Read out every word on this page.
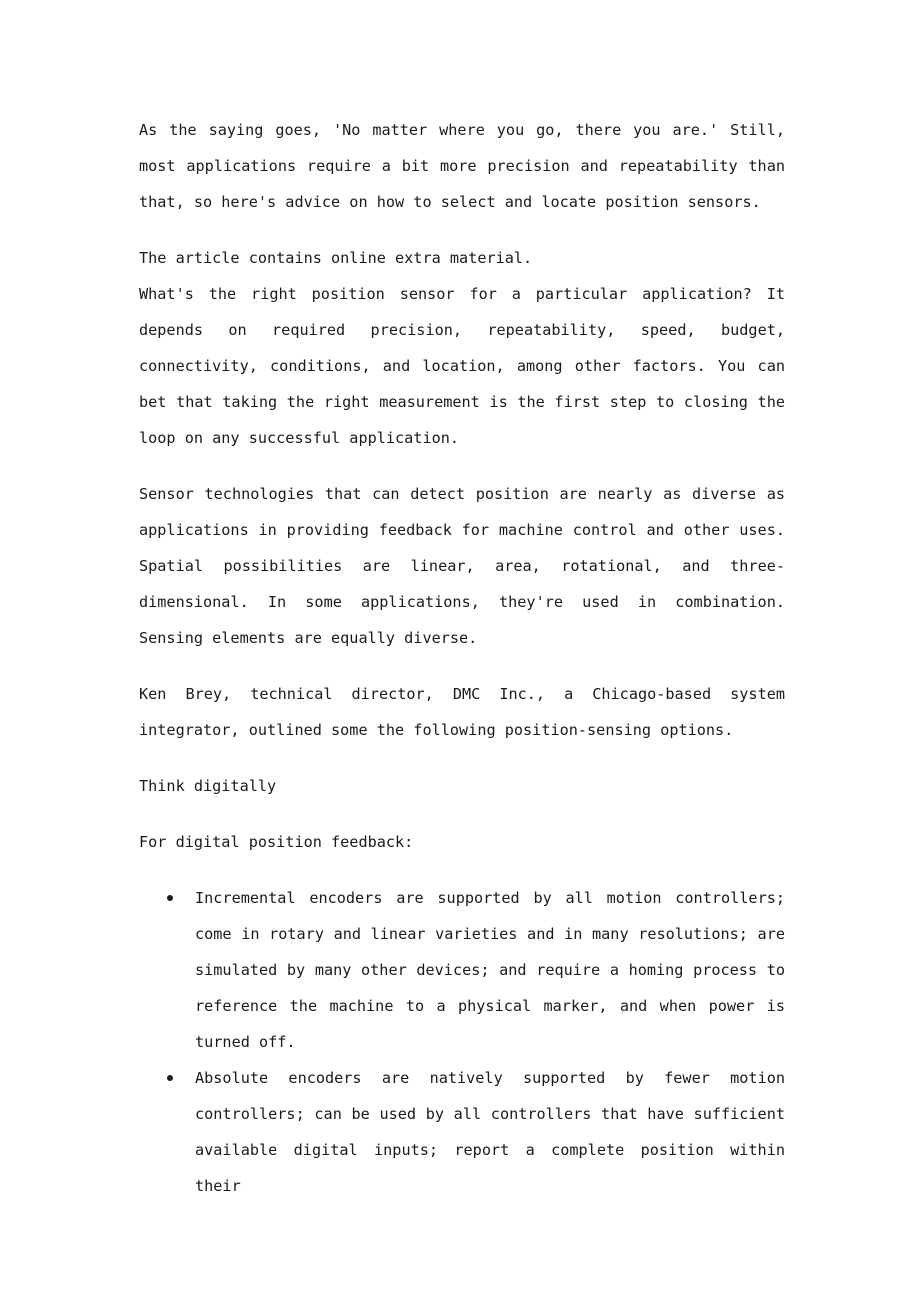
As the saying goes, 'No matter where you go, there you are.' Still, most applications require a bit more precision and repeatability than that, so here's advice on how to select and locate position sensors.

The article contains online extra material.

What's the right position sensor for a particular application? It depends on required precision, repeatability, speed, budget, connectivity, conditions, and location, among other factors. You can bet that taking the right measurement is the first step to closing the loop on any successful application.

Sensor technologies that can detect position are nearly as diverse as applications in providing feedback for machine control and other uses. Spatial possibilities are linear, area, rotational, and three-dimensional. In some applications, they're used in combination. Sensing elements are equally diverse.

Ken Brey, technical director, DMC Inc., a Chicago-based system integrator, outlined some the following position-sensing options.

Think digitally

For digital position feedback:

Incremental encoders are supported by all motion controllers; come in rotary and linear varieties and in many resolutions; are simulated by many other devices; and require a homing process to reference the machine to a physical marker, and when power is turned off.
Absolute encoders are natively supported by fewer motion controllers; can be used by all controllers that have sufficient available digital inputs; report a complete position within their
